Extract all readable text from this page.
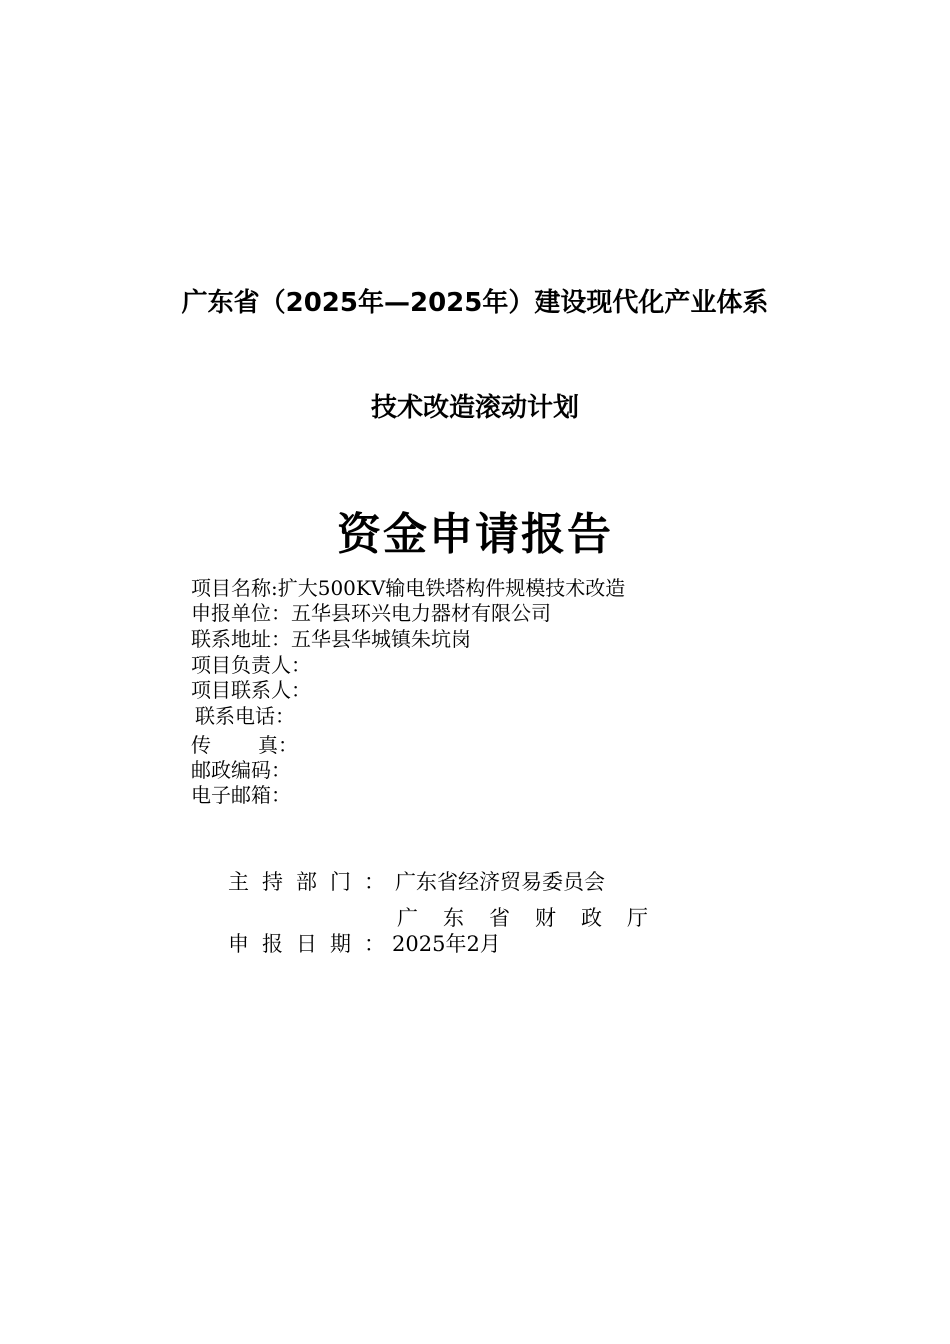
广东省（2025年—2025年）建设现代化产业体系
技术改造滚动计划
资金申请报告
项目名称:扩大500KV输电铁塔构件规模技术改造
申报单位：五华县环兴电力器材有限公司
联系地址：五华县华城镇朱坑岗
项目负责人：
项目联系人：
联系电话：
传 真：
邮政编码：
电子邮箱：
主持部门：
广东省经济贸易委员会
广东省财政厅
申报日期：
2025年2月
